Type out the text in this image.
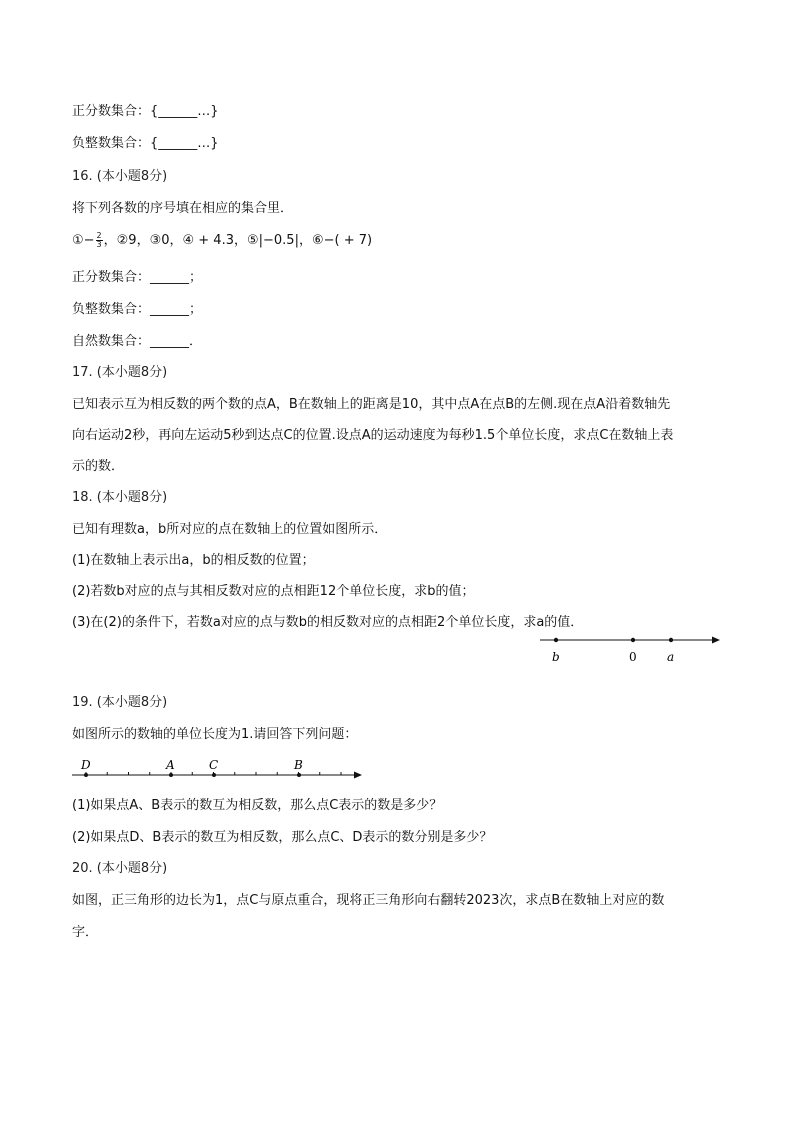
正分数集合：{______…}
负整数集合：{______…}
16. (本小题8分)
将下列各数的序号填在相应的集合里．
①− $\frac{2}{3}$ ，②9，③0，④ + 4.3，⑤|−0.5|，⑥−( + 7)
正分数集合：______；
负整数集合：______；
自然数集合：______．
17. (本小题8分)
已知表示互为相反数的两个数的点A，B在数轴上的距离是10，其中点A在点B的左侧.现在点A沿着数轴先
向右运动2秒，再向左运动5秒到达点C的位置.设点A的运动速度为每秒1.5个单位长度，求点C在数轴上表
示的数．
18. (本小题8分)
已知有理数a，b所对应的点在数轴上的位置如图所示．
(1)在数轴上表示出a，b的相反数的位置；
(2)若数b对应的点与其相反数对应的点相距12个单位长度，求b的值；
(3)在(2)的条件下，若数a对应的点与数b的相反数对应的点相距2个单位长度，求a的值．
b	0	a
19. (本小题8分)
如图所示的数轴的单位长度为1.请回答下列问题：
D	A	C	B
(1)如果点A、B表示的数互为相反数，那么点C表示的数是多少？
(2)如果点D、B表示的数互为相反数，那么点C、D表示的数分别是多少？
20. (本小题8分)
如图，正三角形的边长为1，点C与原点重合，现将正三角形向右翻转2023次，求点B在数轴上对应的数
字．
